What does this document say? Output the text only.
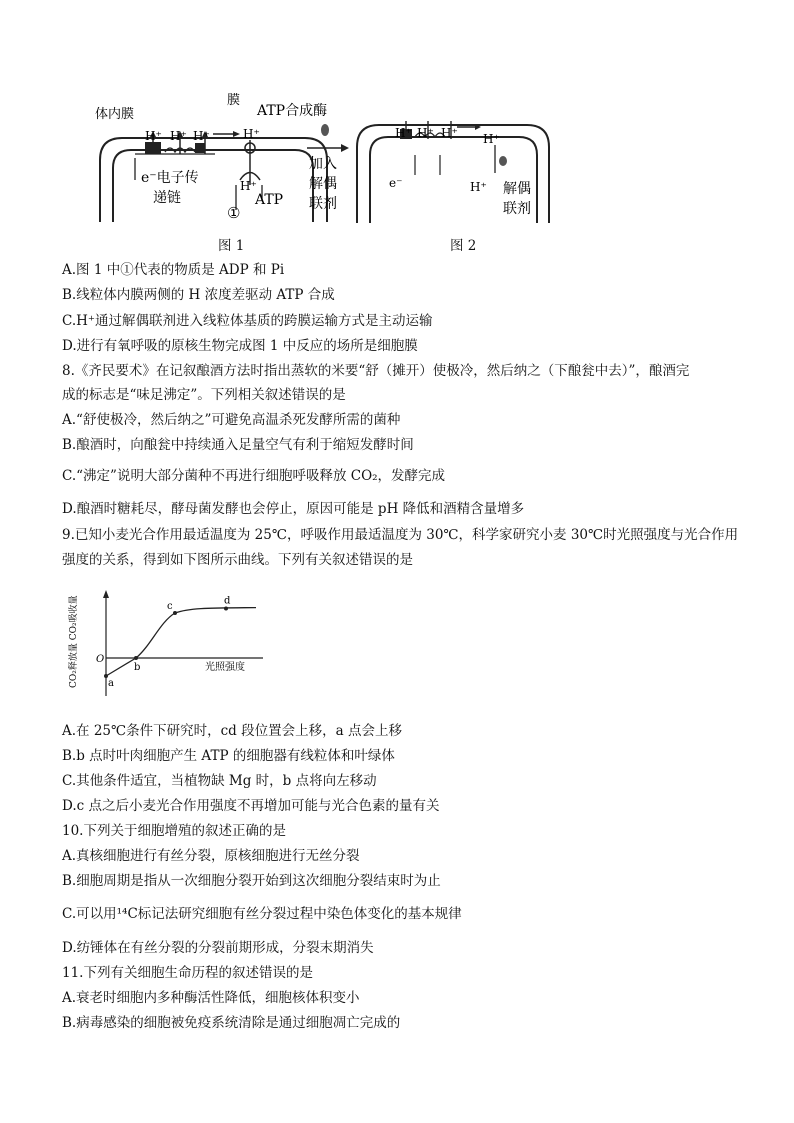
体内膜
膜
ATP合成酶
H⁺ H⁺ H⁺	H⁺
H⁺
e⁻电子传
递链	ATP
①
加入
解偶
联剂
H⁺ H⁺ H⁺ H⁺
H⁺
e⁻	解偶
联剂
图 1	图 2
A.图 1 中①代表的物质是 ADP 和 Pi
B.线粒体内膜两侧的 H 浓度差驱动 ATP 合成
C.H⁺通过解偶联剂进入线粒体基质的跨膜运输方式是主动运输
D.进行有氧呼吸的原核生物完成图 1 中反应的场所是细胞膜
8.《齐民要术》在记叙酿酒方法时指出蒸软的米要“舒（摊开）使极冷，然后纳之（下酿瓮中去）”，酿酒完
成的标志是“味足沸定”。下列相关叙述错误的是
A.“舒使极冷，然后纳之”可避免高温杀死发酵所需的菌种
B.酿酒时，向酿瓮中持续通入足量空气有利于缩短发酵时间
C.“沸定”说明大部分菌种不再进行细胞呼吸释放 CO₂，发酵完成
D.酿酒时糖耗尽，酵母菌发酵也会停止，原因可能是 pH 降低和酒精含量增多
9.已知小麦光合作用最适温度为 25℃，呼吸作用最适温度为 30℃，科学家研究小麦 30℃时光照强度与光合作用
强度的关系，得到如下图所示曲线。下列有关叙述错误的是
CO₂释放量 CO₂吸收量	光照强度
O
a
b
c	d
A.在 25℃条件下研究时，cd 段位置会上移，a 点会上移
B.b 点时叶肉细胞产生 ATP 的细胞器有线粒体和叶绿体
C.其他条件适宜，当植物缺 Mg 时，b 点将向左移动
D.c 点之后小麦光合作用强度不再增加可能与光合色素的量有关
10.下列关于细胞增殖的叙述正确的是
A.真核细胞进行有丝分裂，原核细胞进行无丝分裂
B.细胞周期是指从一次细胞分裂开始到这次细胞分裂结束时为止
C.可以用¹⁴C标记法研究细胞有丝分裂过程中染色体变化的基本规律
D.纺锤体在有丝分裂的分裂前期形成，分裂末期消失
11.下列有关细胞生命历程的叙述错误的是
A.衰老时细胞内多种酶活性降低，细胞核体积变小
B.病毒感染的细胞被免疫系统清除是通过细胞凋亡完成的
